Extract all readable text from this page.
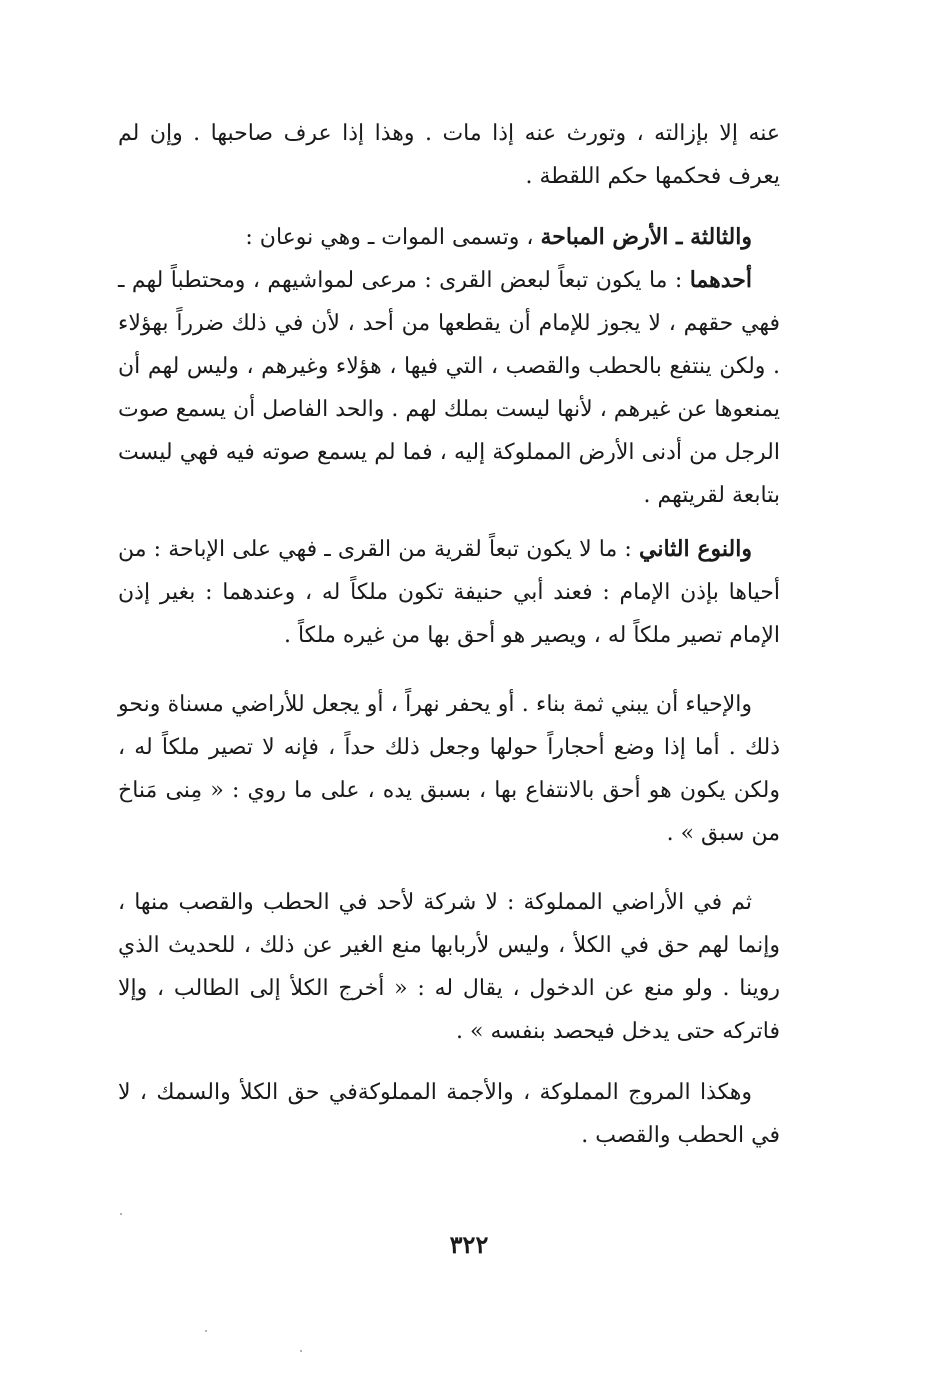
عنه إلا بإزالته ، وتورث عنه إذا مات . وهذا إذا عرف صاحبها . وإن لم يعرف فحكمها حكم اللقطة .

والثالثة ـ الأرض المباحة ، وتسمى الموات ـ وهي نوعان :

أحدهما : ما يكون تبعاً لبعض القرى : مرعى لمواشيهم ، ومحتطباً لهم ـ فهي حقهم ، لا يجوز للإمام أن يقطعها من أحد ، لأن في ذلك ضرراً بهؤلاء . ولكن ينتفع بالحطب والقصب ، التي فيها ، هؤلاء وغيرهم ، وليس لهم أن يمنعوها عن غيرهم ، لأنها ليست بملك لهم . والحد الفاصل أن يسمع صوت الرجل من أدنى الأرض المملوكة إليه ، فما لم يسمع صوته فيه فهي ليست بتابعة لقريتهم .

والنوع الثاني : ما لا يكون تبعاً لقرية من القرى ـ فهي على الإباحة : من أحياها بإذن الإمام : فعند أبي حنيفة تكون ملكاً له ، وعندهما : بغير إذن الإمام تصير ملكاً له ، ويصير هو أحق بها من غيره ملكاً .

والإحياء أن يبني ثمة بناء . أو يحفر نهراً ، أو يجعل للأراضي مسناة ونحو ذلك . أما إذا وضع أحجاراً حولها وجعل ذلك حداً ، فإنه لا تصير ملكاً له ، ولكن يكون هو أحق بالانتفاع بها ، بسبق يده ، على ما روي : « مِنى مَناخ من سبق » .

ثم في الأراضي المملوكة : لا شركة لأحد في الحطب والقصب منها ، وإنما لهم حق في الكلأ ، وليس لأربابها منع الغير عن ذلك ، للحديث الذي روينا . ولو منع عن الدخول ، يقال له : « أخرج الكلأ إلى الطالب ، وإلا فاتركه حتى يدخل فيحصد بنفسه » .

وهكذا المروج المملوكة ، والأجمة المملوكةفي حق الكلأ والسمك ، لا في الحطب والقصب .

٣٢٢
